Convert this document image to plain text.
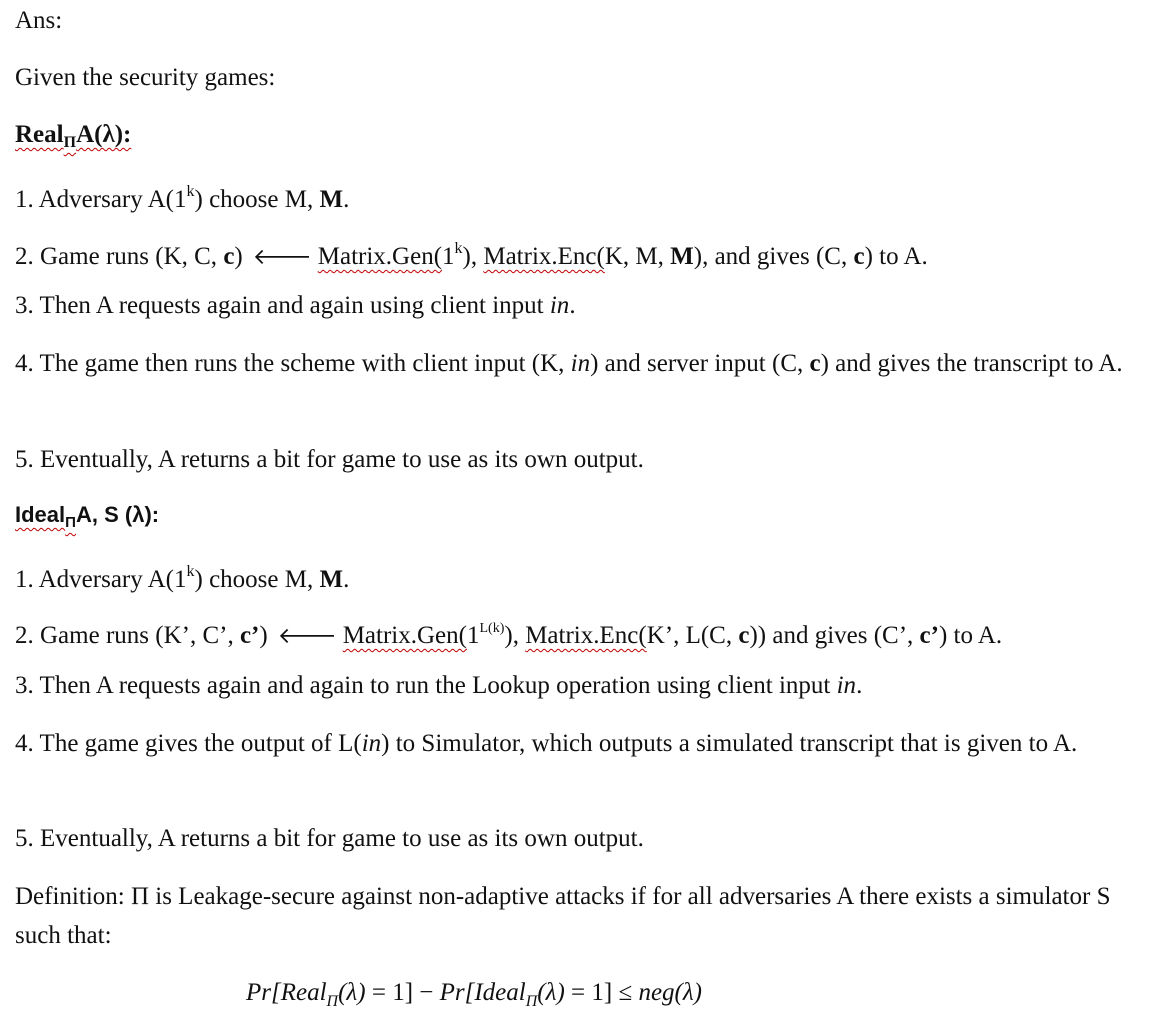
Ans:
Given the security games:
Real$_\Pi$A(λ):
1. Adversary A(1$^k$) choose M, M.
2. Game runs (K, C, c) 🡐 Matrix.Gen(1$^k$), Matrix.Enc(K, M, M), and gives (C, c) to A.
3. Then A requests again and again using client input in.
4. The game then runs the scheme with client input (K, in) and server input (C, c) and gives the transcript to A.
5. Eventually, A returns a bit for game to use as its own output.
Ideal$_\Pi$A, S (λ):
1. Adversary A(1$^k$) choose M, M.
2. Game runs (K’, C’, c’) 🡐 $Matrix.Gen(1^{L(k)})$, Matrix.Enc(K’, L(C, c)) and gives (C’, c’) to A.
3. Then A requests again and again to run the Lookup operation using client input in.
4. The game gives the output of L(in) to Simulator, which outputs a simulated transcript that is given to A.
5. Eventually, A returns a bit for game to use as its own output.
Definition: Π is Leakage-secure against non-adaptive attacks if for all adversaries A there exists a simulator S such that:
Pr[Real$_\Pi$(λ) = 1] − Pr[Ideal$_\Pi$(λ) = 1] ≤ neg(λ)
